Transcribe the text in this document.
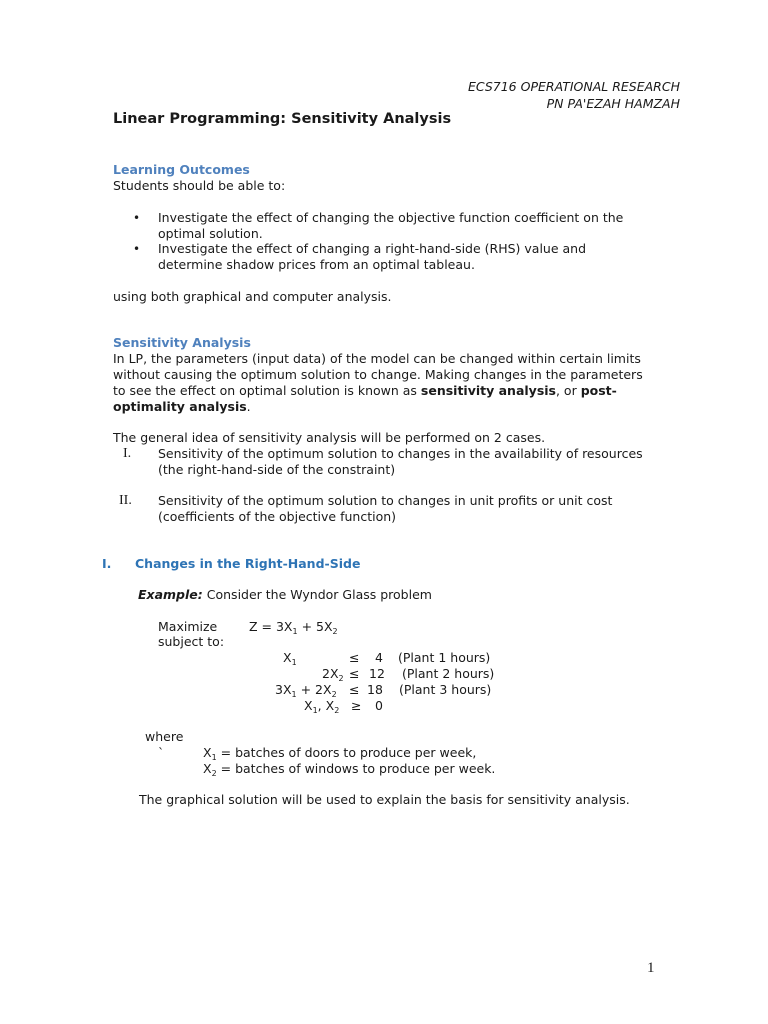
ECS716 OPERATIONAL RESEARCH
PN PA'EZAH HAMZAH
Linear Programming: Sensitivity Analysis
Learning Outcomes
Students should be able to:
• Investigate the effect of changing the objective function coefficient on the
optimal solution.
• Investigate the effect of changing a right-hand-side (RHS) value and
determine shadow prices from an optimal tableau.
using both graphical and computer analysis.
Sensitivity Analysis
In LP, the parameters (input data) of the model can be changed within certain limits
without causing the optimum solution to change. Making changes in the parameters
to see the effect on optimal solution is known as sensitivity analysis, or post-
optimality analysis.
The general idea of sensitivity analysis will be performed on 2 cases.
I. Sensitivity of the optimum solution to changes in the availability of resources
(the right-hand-side of the constraint)
II. Sensitivity of the optimum solution to changes in unit profits or unit cost
(coefficients of the objective function)
I. Changes in the Right-Hand-Side
Example: Consider the Wyndor Glass problem
Maximize	$Z = 3X_1 + 5X_2$
subject to:
$X_1$	≤ 4 (Plant 1 hours)
$2X_2 \le 12$ (Plant 2 hours)
$3X_1 + 2X_2 \le 18$ (Plant 3 hours)
$X_1$, $X_2 \ge 0$
where
`	$X_1$ = batches of doors to produce per week,
$X_2$ = batches of windows to produce per week.
The graphical solution will be used to explain the basis for sensitivity analysis.
1
